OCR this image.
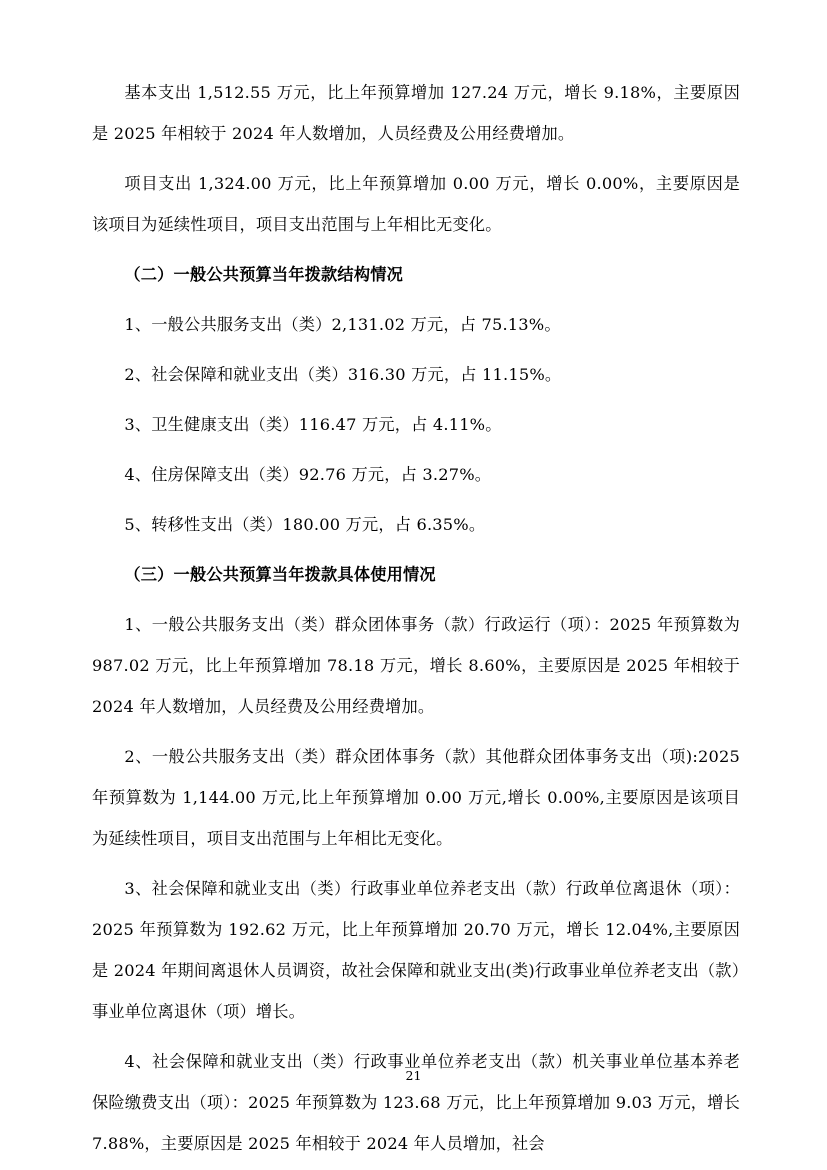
基本支出 1,512.55 万元，比上年预算增加 127.24 万元，增长 9.18%，主要原因是 2025 年相较于 2024 年人数增加，人员经费及公用经费增加。

项目支出 1,324.00 万元，比上年预算增加 0.00 万元，增长 0.00%，主要原因是该项目为延续性项目，项目支出范围与上年相比无变化。

（二）一般公共预算当年拨款结构情况

1、一般公共服务支出（类）2,131.02 万元，占 75.13%。

2、社会保障和就业支出（类）316.30 万元，占 11.15%。

3、卫生健康支出（类）116.47 万元，占 4.11%。

4、住房保障支出（类）92.76 万元，占 3.27%。

5、转移性支出（类）180.00 万元，占 6.35%。

（三）一般公共预算当年拨款具体使用情况

1、一般公共服务支出（类）群众团体事务（款）行政运行（项）：2025 年预算数为 987.02 万元，比上年预算增加 78.18 万元，增长 8.60%，主要原因是 2025 年相较于 2024 年人数增加，人员经费及公用经费增加。

2、一般公共服务支出（类）群众团体事务（款）其他群众团体事务支出（项):2025 年预算数为 1,144.00 万元,比上年预算增加 0.00 万元,增长 0.00%,主要原因是该项目为延续性项目，项目支出范围与上年相比无变化。

3、社会保障和就业支出（类）行政事业单位养老支出（款）行政单位离退休（项）：2025 年预算数为 192.62 万元，比上年预算增加 20.70 万元，增长 12.04%,主要原因是 2024 年期间离退休人员调资，故社会保障和就业支出(类)行政事业单位养老支出（款）事业单位离退休（项）增长。

4、社会保障和就业支出（类）行政事业单位养老支出（款）机关事业单位基本养老保险缴费支出（项）：2025 年预算数为 123.68 万元，比上年预算增加 9.03 万元，增长 7.88%，主要原因是 2025 年相较于 2024 年人员增加，社会

21
